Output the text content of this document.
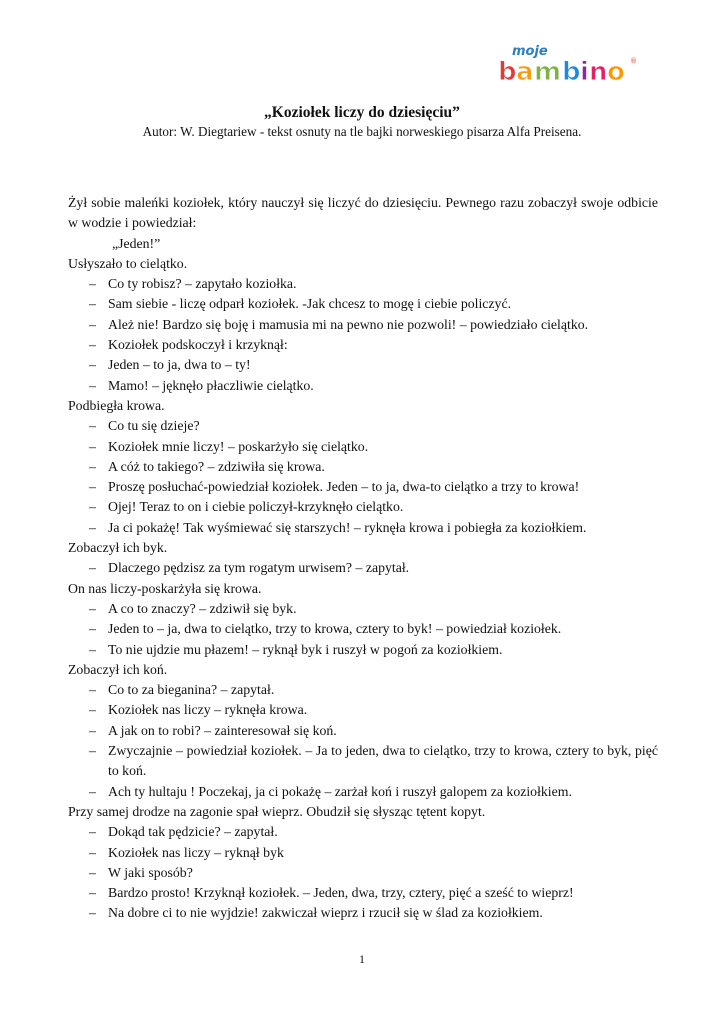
moje
b a m b i n o ®
„Koziołek liczy do dziesięciu”
Autor: W. Diegtariew - tekst osnuty na tle bajki norweskiego pisarza Alfa Preisena.

Żył sobie maleńki koziołek, który nauczył się liczyć do dziesięciu. Pewnego razu zobaczył swoje odbicie w wodzie i powiedział:

„Jeden!”

Usłyszało to cielątko.

– Co ty robisz? – zapytało koziołka.

– Sam siebie - liczę odparł koziołek. -Jak chcesz to mogę i ciebie policzyć.

– Ależ nie! Bardzo się boję i mamusia mi na pewno nie pozwoli! – powiedziało cielątko.

– Koziołek podskoczył i krzyknął:

– Jeden – to ja, dwa to – ty!

– Mamo! – jęknęło płaczliwie cielątko.

Podbiegła krowa.

– Co tu się dzieje?

– Koziołek mnie liczy! – poskarżyło się cielątko.

– A cóż to takiego? – zdziwiła się krowa.

– Proszę posłuchać-powiedział koziołek. Jeden – to ja, dwa-to cielątko a trzy to krowa!

– Ojej! Teraz to on i ciebie policzył-krzyknęło cielątko.

– Ja ci pokażę! Tak wyśmiewać się starszych! – ryknęła krowa i pobiegła za koziołkiem.

Zobaczył ich byk.

– Dlaczego pędzisz za tym rogatym urwisem? – zapytał.

On nas liczy-poskarżyła się krowa.

– A co to znaczy? – zdziwił się byk.

– Jeden to – ja, dwa to cielątko, trzy to krowa, cztery to byk! – powiedział koziołek.

– To nie ujdzie mu płazem! – ryknął byk i ruszył w pogoń za koziołkiem.

Zobaczył ich koń.

– Co to za bieganina? – zapytał.

– Koziołek nas liczy – ryknęła krowa.

– A jak on to robi? – zainteresował się koń.

– Zwyczajnie – powiedział koziołek. – Ja to jeden, dwa to cielątko, trzy to krowa, cztery to byk, pięć to koń.

– Ach ty hultaju ! Poczekaj, ja ci pokażę – zarżał koń i ruszył galopem za koziołkiem.

Przy samej drodze na zagonie spał wieprz. Obudził się słysząc tętent kopyt.

– Dokąd tak pędzicie? – zapytał.

– Koziołek nas liczy – ryknął byk

– W jaki sposób?

– Bardzo prosto! Krzyknął koziołek. – Jeden, dwa, trzy, cztery, pięć a sześć to wieprz!

– Na dobre ci to nie wyjdzie! zakwiczał wieprz i rzucił się w ślad za koziołkiem.

1
